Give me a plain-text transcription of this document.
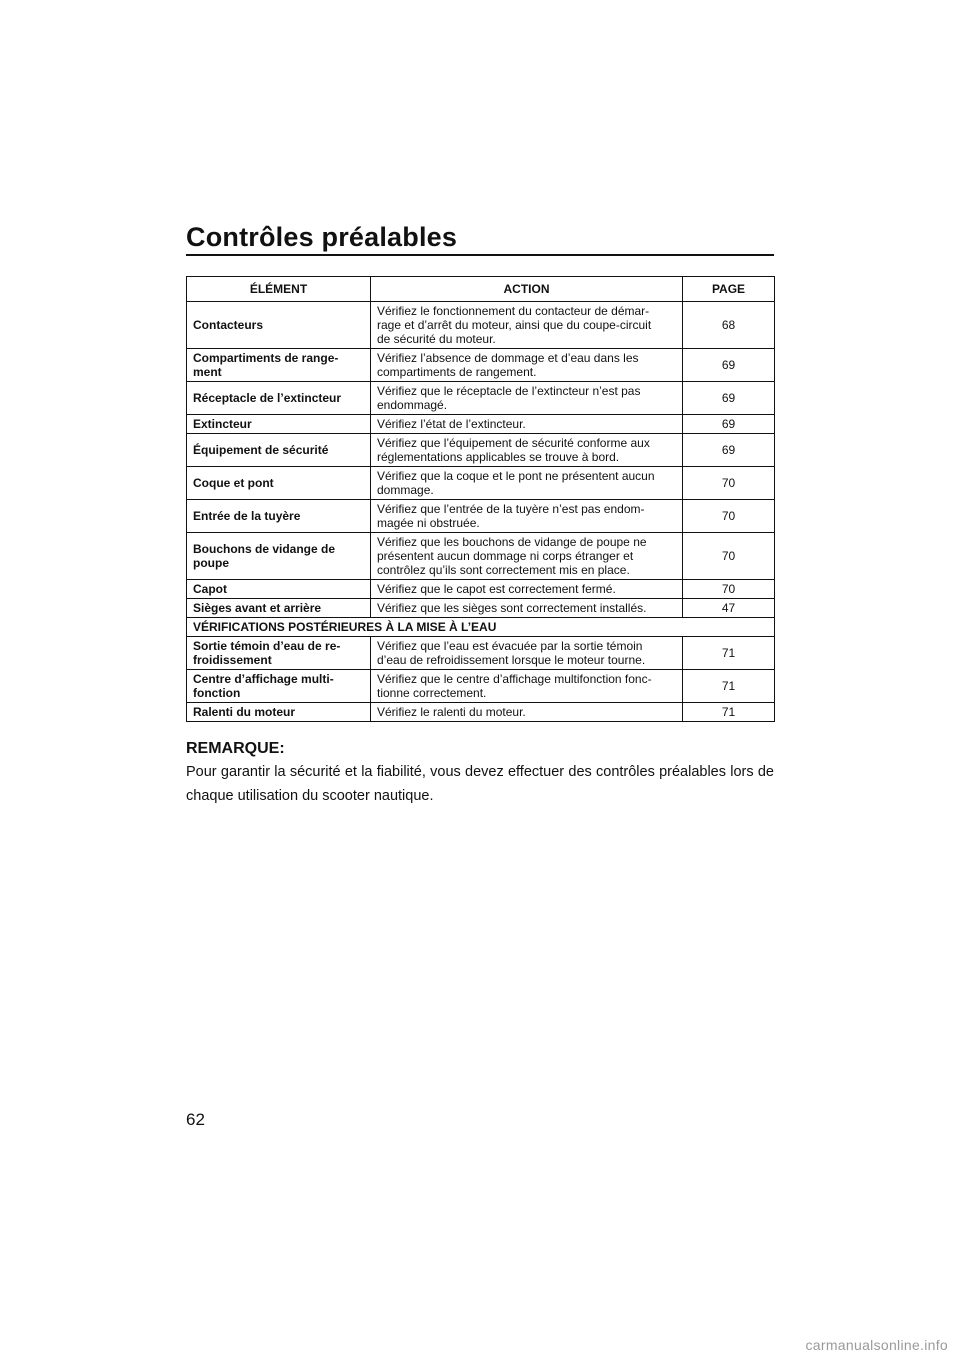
Contrôles préalables
ÉLÉMENT	ACTION	PAGE
Contacteurs	Vérifiez le fonctionnement du contacteur de démar-
rage et d’arrêt du moteur, ainsi que du coupe-circuit
de sécurité du moteur.	68
Compartiments de range-
ment	Vérifiez l’absence de dommage et d’eau dans les
compartiments de rangement.	69
Réceptacle de l’extincteur	Vérifiez que le réceptacle de l’extincteur n’est pas
endommagé.	69
Extincteur	Vérifiez l’état de l’extincteur.	69
Équipement de sécurité	Vérifiez que l’équipement de sécurité conforme aux
réglementations applicables se trouve à bord.	69
Coque et pont	Vérifiez que la coque et le pont ne présentent aucun
dommage.	70
Entrée de la tuyère	Vérifiez que l’entrée de la tuyère n’est pas endom-
magée ni obstruée.	70
Bouchons de vidange de
poupe	Vérifiez que les bouchons de vidange de poupe ne
présentent aucun dommage ni corps étranger et
contrôlez qu’ils sont correctement mis en place.	70
Capot	Vérifiez que le capot est correctement fermé.	70
Sièges avant et arrière	Vérifiez que les sièges sont correctement installés.	47
VÉRIFICATIONS POSTÉRIEURES À LA MISE À L’EAU		
Sortie témoin d’eau de re-
froidissement	Vérifiez que l’eau est évacuée par la sortie témoin
d’eau de refroidissement lorsque le moteur tourne.	71
Centre d’affichage multi-
fonction	Vérifiez que le centre d’affichage multifonction fonc-
tionne correctement.	71
Ralenti du moteur	Vérifiez le ralenti du moteur.	71
REMARQUE:

Pour garantir la sécurité et la fiabilité, vous devez effectuer des contrôles préalables lors de chaque utilisation du scooter nautique.

62
carmanualsonline.info
